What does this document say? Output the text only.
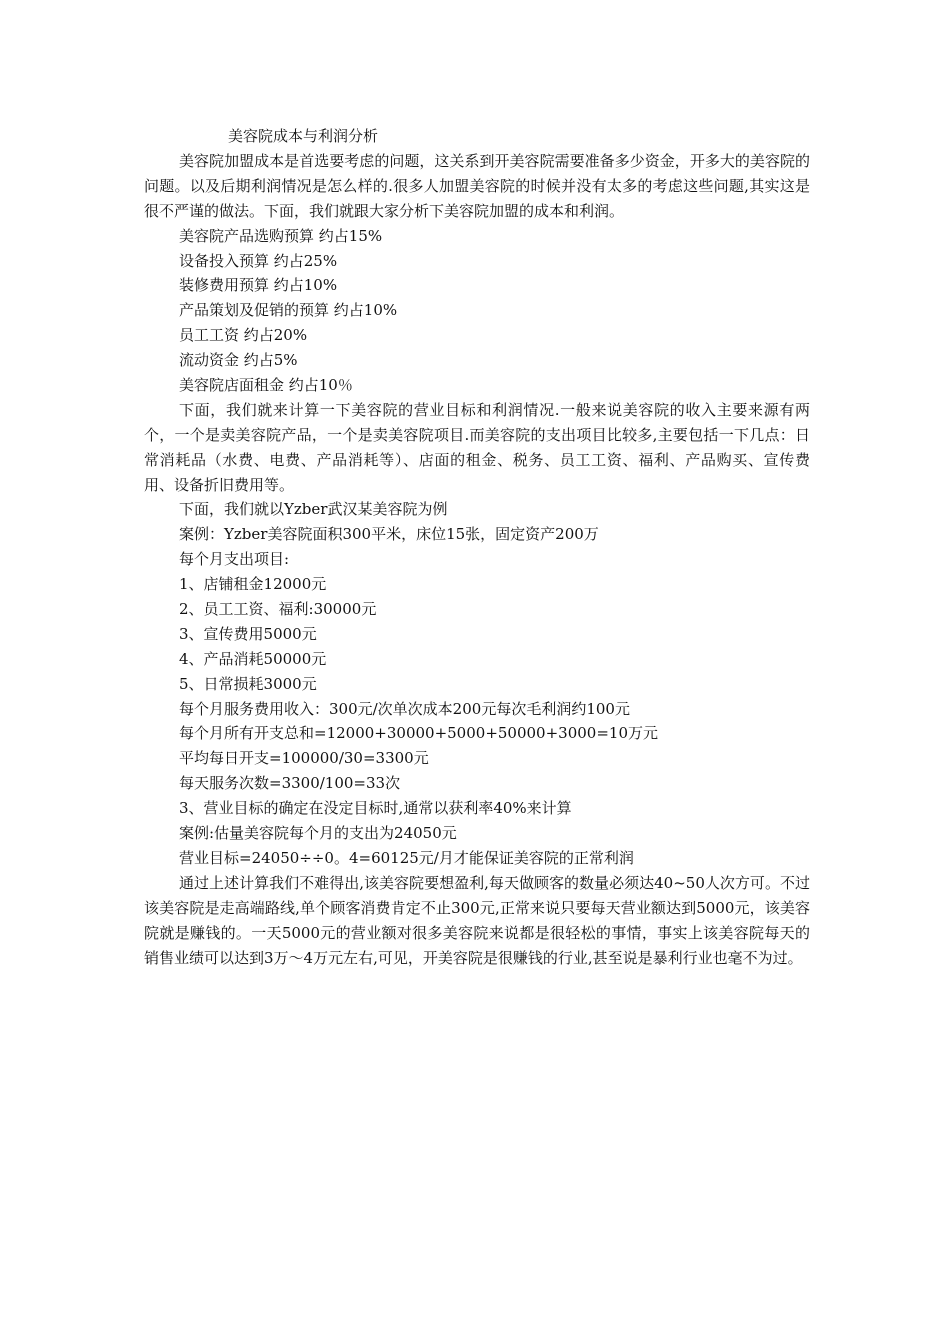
美容院成本与利润分析

美容院加盟成本是首选要考虑的问题，这关系到开美容院需要准备多少资金，开多大的美容院的问题。以及后期利润情况是怎么样的.很多人加盟美容院的时候并没有太多的考虑这些问题,其实这是很不严谨的做法。下面，我们就跟大家分析下美容院加盟的成本和利润。

美容院产品选购预算 约占15%
设备投入预算 约占25%
装修费用预算 约占10%
产品策划及促销的预算 约占10%
员工工资 约占20%
流动资金 约占5%
美容院店面租金 约占10％

下面，我们就来计算一下美容院的营业目标和利润情况.一般来说美容院的收入主要来源有两个，一个是卖美容院产品，一个是卖美容院项目.而美容院的支出项目比较多,主要包括一下几点：日常消耗品（水费、电费、产品消耗等）、店面的租金、税务、员工工资、福利、产品购买、宣传费用、设备折旧费用等。

下面，我们就以Yzber武汉某美容院为例
案例：Yzber美容院面积300平米，床位15张，固定资产200万
每个月支出项目:
1、店铺租金12000元
2、员工工资、福利:30000元
3、宣传费用5000元
4、产品消耗50000元
5、日常损耗3000元
每个月服务费用收入：300元/次单次成本200元每次毛利润约100元
每个月所有开支总和=12000+30000+5000+50000+3000=10万元
平均每日开支=100000/30=3300元
每天服务次数=3300/100=33次
3、营业目标的确定在没定目标时,通常以获利率40%来计算
案例:估量美容院每个月的支出为24050元
营业目标=24050÷÷0。4=60125元/月才能保证美容院的正常利润

通过上述计算我们不难得出,该美容院要想盈利,每天做顾客的数量必须达40~50人次方可。不过该美容院是走高端路线,单个顾客消费肯定不止300元,正常来说只要每天营业额达到5000元，该美容院就是赚钱的。一天5000元的营业额对很多美容院来说都是很轻松的事情，事实上该美容院每天的销售业绩可以达到3万～4万元左右,可见，开美容院是很赚钱的行业,甚至说是暴利行业也毫不为过。
